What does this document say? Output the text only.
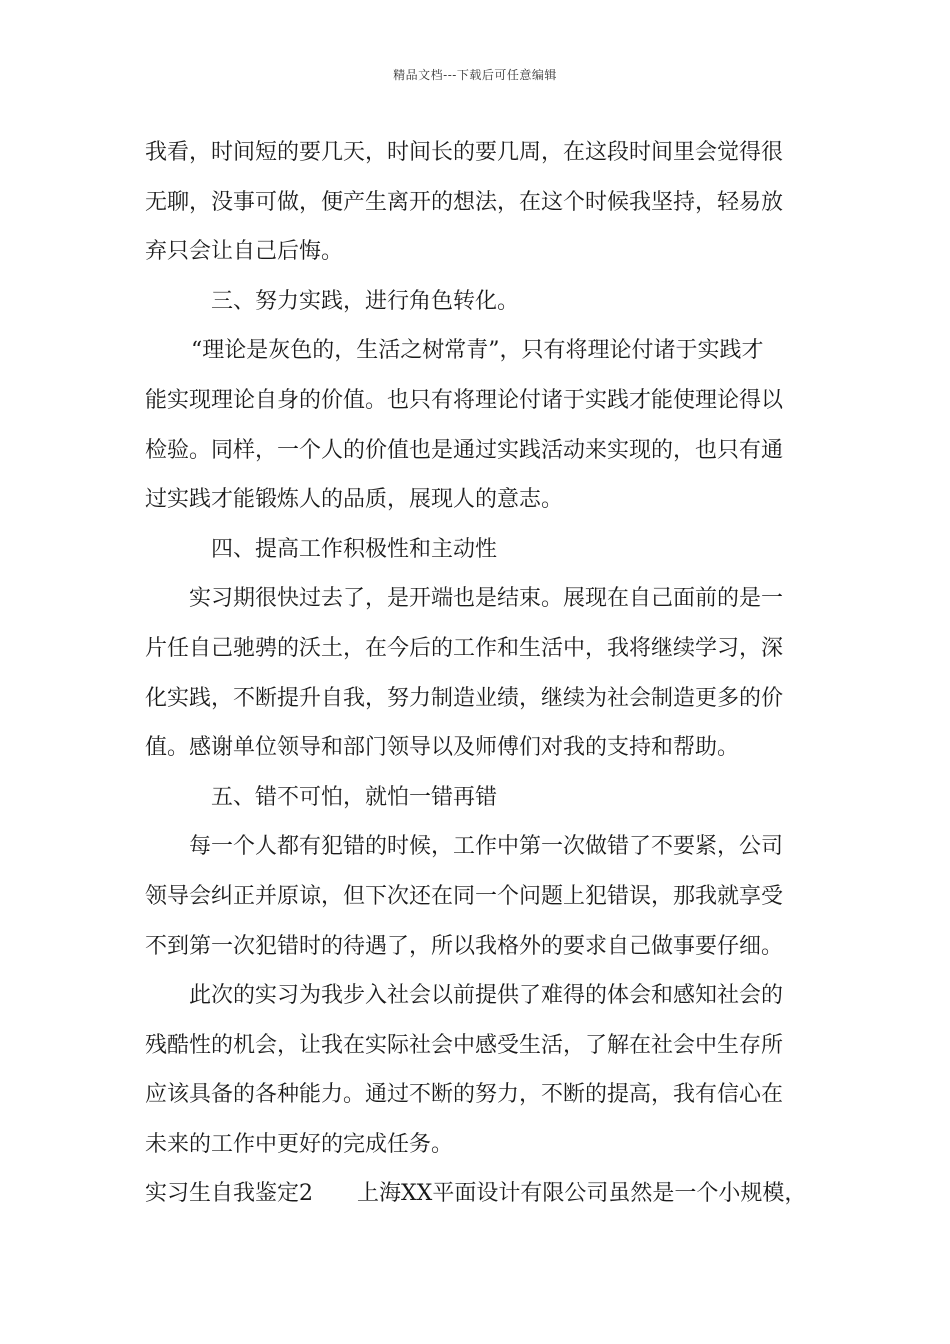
精品文档---下载后可任意编辑
我看，时间短的要几天，时间长的要几周，在这段时间里会觉得很
无聊，没事可做，便产生离开的想法，在这个时候我坚持，轻易放
弃只会让自己后悔。
三、努力实践，进行角色转化。
“理论是灰色的，生活之树常青”，只有将理论付诸于实践才
能实现理论自身的价值。也只有将理论付诸于实践才能使理论得以
检验。同样，一个人的价值也是通过实践活动来实现的，也只有通
过实践才能锻炼人的品质，展现人的意志。
四、提高工作积极性和主动性
实习期很快过去了，是开端也是结束。展现在自己面前的是一
片任自己驰骋的沃土，在今后的工作和生活中，我将继续学习，深
化实践，不断提升自我，努力制造业绩，继续为社会制造更多的价
值。感谢单位领导和部门领导以及师傅们对我的支持和帮助。
五、错不可怕，就怕一错再错
每一个人都有犯错的时候，工作中第一次做错了不要紧，公司
领导会纠正并原谅，但下次还在同一个问题上犯错误，那我就享受
不到第一次犯错时的待遇了，所以我格外的要求自己做事要仔细。
此次的实习为我步入社会以前提供了难得的体会和感知社会的
残酷性的机会，让我在实际社会中感受生活，了解在社会中生存所
应该具备的各种能力。通过不断的努力，不断的提高，我有信心在
未来的工作中更好的完成任务。
实习生自我鉴定2 上海XX平面设计有限公司虽然是一个小规模，
